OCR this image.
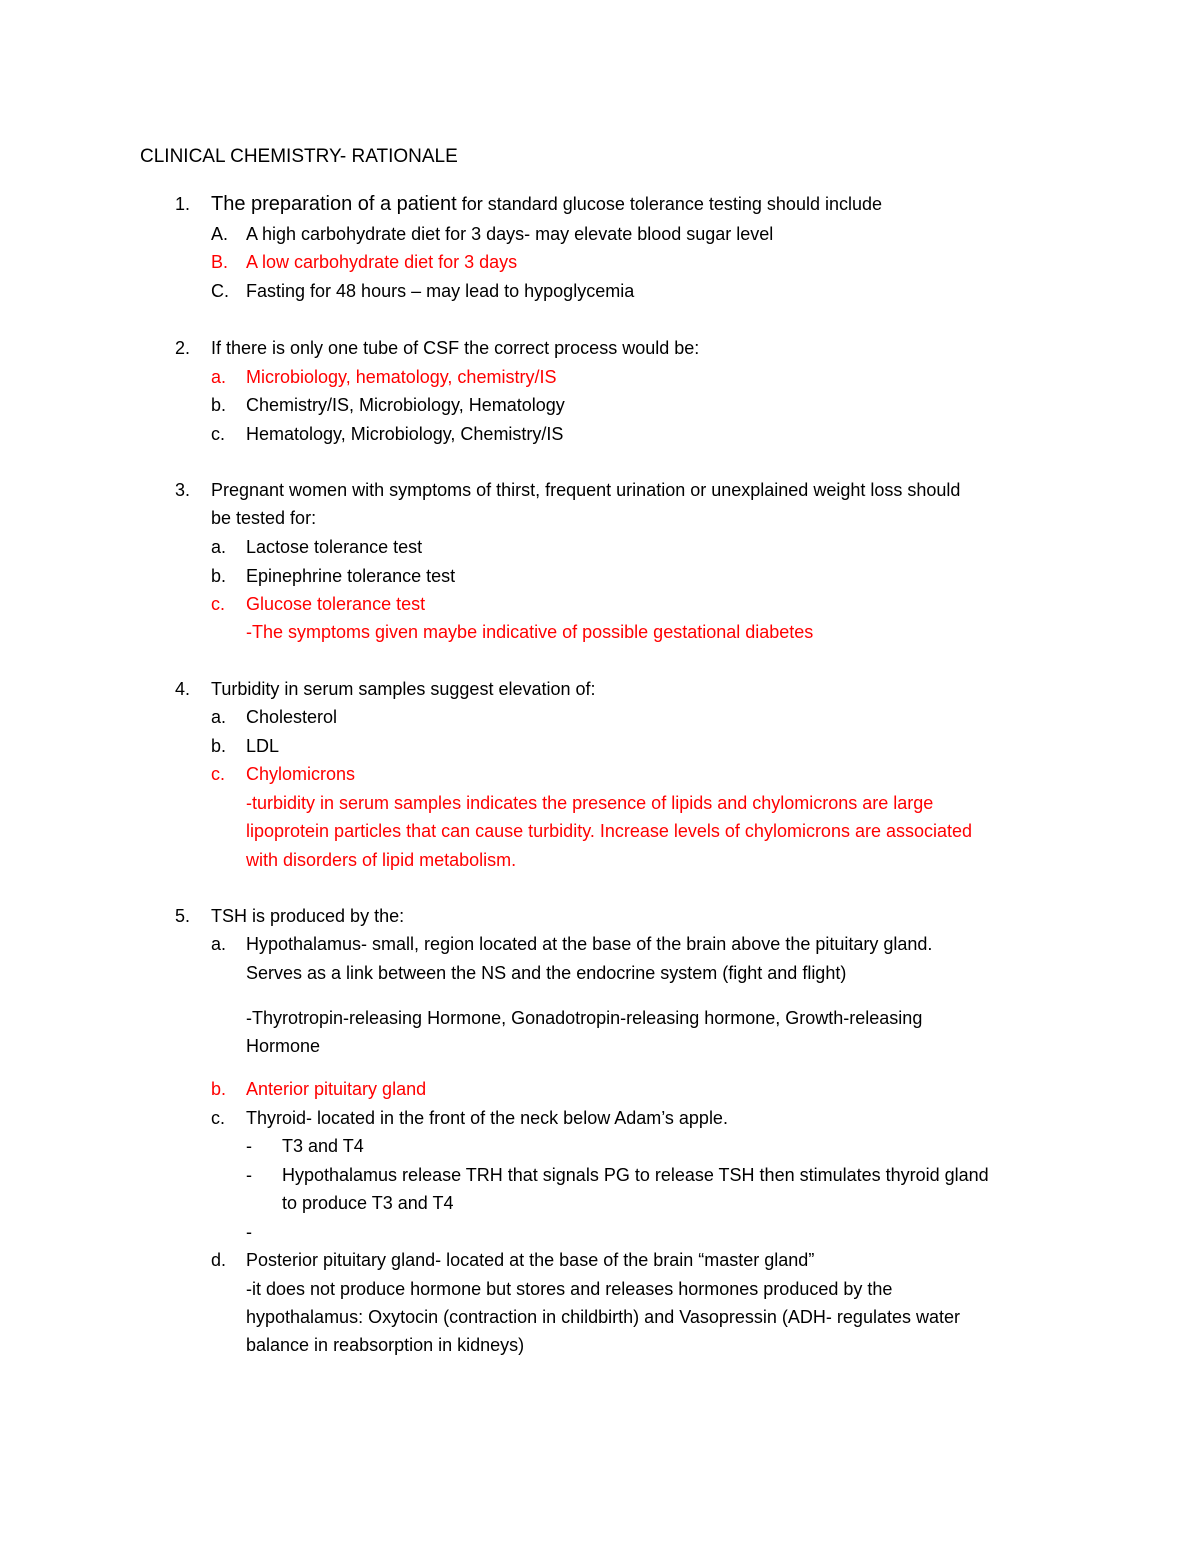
CLINICAL CHEMISTRY- RATIONALE
1. The preparation of a patient for standard glucose tolerance testing should include
A. A high carbohydrate diet for 3 days- may elevate blood sugar level
B. A low carbohydrate diet for 3 days
C. Fasting for 48 hours – may lead to hypoglycemia
2. If there is only one tube of CSF the correct process would be:
a. Microbiology, hematology, chemistry/IS
b. Chemistry/IS, Microbiology, Hematology
c. Hematology, Microbiology, Chemistry/IS
3. Pregnant women with symptoms of thirst, frequent urination or unexplained weight loss should
be tested for:
a. Lactose tolerance test
b. Epinephrine tolerance test
c. Glucose tolerance test
-The symptoms given maybe indicative of possible gestational diabetes
4. Turbidity in serum samples suggest elevation of:
a. Cholesterol
b. LDL
c. Chylomicrons
-turbidity in serum samples indicates the presence of lipids and chylomicrons are large
lipoprotein particles that can cause turbidity. Increase levels of chylomicrons are associated
with disorders of lipid metabolism.
5. TSH is produced by the:
a. Hypothalamus- small, region located at the base of the brain above the pituitary gland.
Serves as a link between the NS and the endocrine system (fight and flight)
-Thyrotropin-releasing Hormone, Gonadotropin-releasing hormone, Growth-releasing
Hormone
b. Anterior pituitary gland
c. Thyroid- located in the front of the neck below Adam’s apple.
- T3 and T4
- Hypothalamus release TRH that signals PG to release TSH then stimulates thyroid gland
to produce T3 and T4
-
d. Posterior pituitary gland- located at the base of the brain “master gland”
-it does not produce hormone but stores and releases hormones produced by the
hypothalamus: Oxytocin (contraction in childbirth) and Vasopressin (ADH- regulates water
balance in reabsorption in kidneys)
